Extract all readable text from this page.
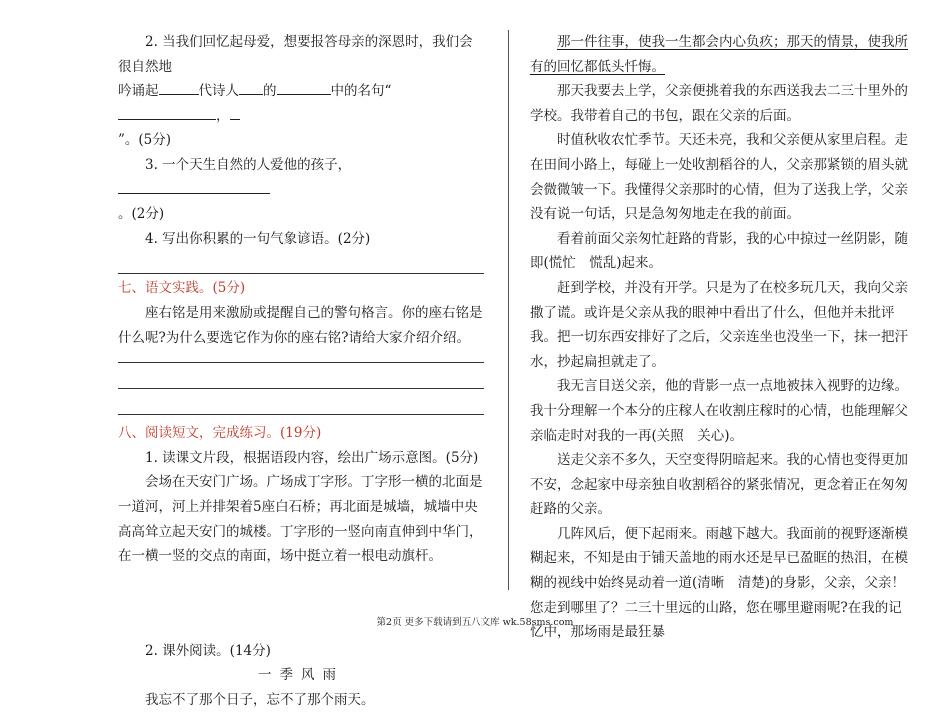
2. 当我们回忆起母爱，想要报答母亲的深恩时，我们会很自然地

吟诵起	代诗人 的	中的名句“，

”。(5分)

3. 一个天生自然的人爱他的孩子，

。(2分)

4. 写出你积累的一句气象谚语。(2分)

七、语文实践。(5分)

座右铭是用来激励或提醒自己的警句格言。你的座右铭是什么呢?为什么要选它作为你的座右铭?请给大家介绍介绍。

八、阅读短文，完成练习。(19分)

1. 读课文片段，根据语段内容，绘出广场示意图。(5分)

会场在天安门广场。广场成丁字形。丁字形一横的北面是一道河，河上并排架着5座白石桥；再北面是城墙，城墙中央高高耸立起天安门的城楼。丁字形的一竖向南直伸到中华门，在一横一竖的交点的南面，场中挺立着一根电动旗杆。

2. 课外阅读。(14分)

一季风雨

我忘不了那个日子，忘不了那个雨天。

那一件往事，使我一生都会内心负疚；那天的情景，使我所有的回忆都低头忏悔。

那天我要去上学，父亲便挑着我的东西送我去二三十里外的学校。我带着自己的书包，跟在父亲的后面。

时值秋收农忙季节。天还未亮，我和父亲便从家里启程。走在田间小路上，每碰上一处收割稻谷的人，父亲那紧锁的眉头就会微微皱一下。我懂得父亲那时的心情，但为了送我上学，父亲没有说一句话，只是急匆匆地走在我的前面。

看着前面父亲匆忙赶路的背影，我的心中掠过一丝阴影，随即(慌忙　慌乱)起来。

赶到学校，并没有开学。只是为了在校多玩几天，我向父亲撒了谎。或许是父亲从我的眼神中看出了什么，但他并未批评我。把一切东西安排好了之后，父亲连坐也没坐一下，抹一把汗水，抄起扁担就走了。

我无言目送父亲，他的背影一点一点地被抹入视野的边缘。我十分理解一个本分的庄稼人在收割庄稼时的心情，也能理解父亲临走时对我的一再(关照　关心)。

送走父亲不多久，天空变得阴暗起来。我的心情也变得更加不安，念起家中母亲独自收割稻谷的紧张情况，更念着正在匆匆赶路的父亲。

几阵风后，便下起雨来。雨越下越大。我面前的视野逐渐模糊起来，不知是由于铺天盖地的雨水还是早已盈眶的热泪，在模糊的视线中始终晃动着一道(清晰　清楚)的身影，父亲，父亲！您走到哪里了？二三十里远的山路，您在哪里避雨呢?在我的记忆中，那场雨是最狂暴

第2页 更多下载请到五八文库 wk.58sms.com
